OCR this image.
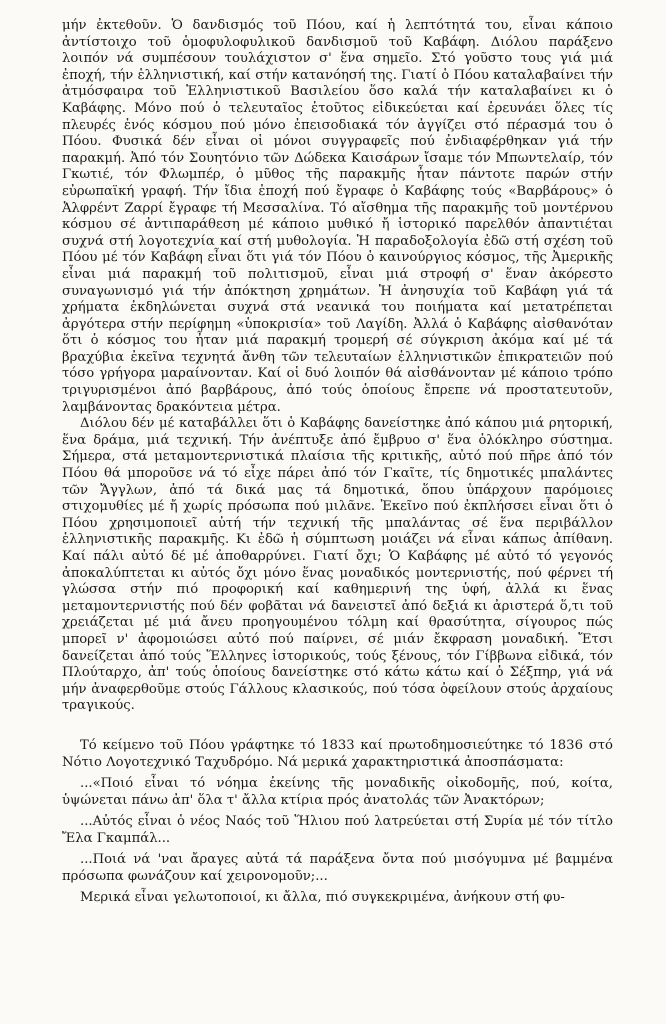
μήν ἐκτεθοῦν. Ὁ δανδισμός τοῦ Πόου, καί ἡ λεπτότητά του, εἶναι κάποιο ἀντίστοιχο τοῦ ὁμοφυλοφυλικοῦ δανδισμοῦ τοῦ Καβάφη. Διόλου παράξενο λοιπόν νά συμπέσουν τουλάχιστον σ' ἕνα σημεῖο. Στό γοῦστο τους γιά μιά ἐποχή, τήν ἑλληνιστική, καί στήν κατανόησή της. Γιατί ὁ Πόου καταλαβαίνει τήν ἀτμόσφαιρα τοῦ Ἑλληνιστικοῦ Βασιλείου ὅσο καλά τήν καταλαβαίνει κι ὁ Καβάφης. Μόνο πού ὁ τελευταῖος ἐτοῦτος εἰδικεύεται καί ἐρευνάει ὅλες τίς πλευρές ἑνός κόσμου πού μόνο ἐπεισοδιακά τόν ἀγγίζει στό πέρασμά του ὁ Πόου. Φυσικά δέν εἶναι οἱ μόνοι συγγραφεῖς πού ἐνδιαφέρθηκαν γιά τήν παρακμή. Ἀπό τόν Σουητόνιο τῶν Δώδεκα Καισάρων ἴσαμε τόν Μπωντελαίρ, τόν Γκωτιέ, τόν Φλωμπέρ, ὁ μῦθος τῆς παρακμῆς ἦταν πάντοτε παρών στήν εὐρωπαϊκή γραφή. Τήν ἴδια ἐποχή πού ἔγραφε ὁ Καβάφης τούς «Βαρβάρους» ὁ Ἀλφρέντ Ζαρρί ἔγραφε τή Μεσσαλίνα. Τό αἴσθημα τῆς παρακμῆς τοῦ μοντέρνου κόσμου σέ ἀντιπαράθεση μέ κάποιο μυθικό ἤ ἱστορικό παρελθόν ἀπαντιέται συχνά στή λογοτεχνία καί στή μυθολογία. Ἡ παραδοξολογία ἐδῶ στή σχέση τοῦ Πόου μέ τόν Καβάφη εἶναι ὅτι γιά τόν Πόου ὁ καινούργιος κόσμος, τῆς Ἀμερικῆς εἶναι μιά παρακμή τοῦ πολιτισμοῦ, εἶναι μιά στροφή σ' ἕναν ἀκόρεστο συναγωνισμό γιά τήν ἀπόκτηση χρημάτων. Ἡ ἀνησυχία τοῦ Καβάφη γιά τά χρήματα ἐκδηλώνεται συχνά στά νεανικά του ποιήματα καί μετατρέπεται ἀργότερα στήν περίφημη «ὑποκρισία» τοῦ Λαγίδη. Ἀλλά ὁ Καβάφης αἰσθανόταν ὅτι ὁ κόσμος του ἦταν μιά παρακμή τρομερή σέ σύγκριση ἀκόμα καί μέ τά βραχύβια ἐκεῖνα τεχνητά ἄνθη τῶν τελευταίων ἑλληνιστικῶν ἐπικρατειῶν πού τόσο γρήγορα μαραίνονταν. Καί οἱ δυό λοιπόν θά αἰσθάνονταν μέ κάποιο τρόπο τριγυρισμένοι ἀπό βαρβάρους, ἀπό τούς ὁποίους ἔπρεπε νά προστατευτοῦν, λαμβάνοντας δρακόντεια μέτρα.

Διόλου δέν μέ καταβάλλει ὅτι ὁ Καβάφης δανείστηκε ἀπό κάπου μιά ρητορική, ἕνα δράμα, μιά τεχνική. Τήν ἀνέπτυξε ἀπό ἔμβρυο σ' ἕνα ὁλόκληρο σύστημα. Σήμερα, στά μεταμοντερνιστικά πλαίσια τῆς κριτικῆς, αὐτό πού πῆρε ἀπό τόν Πόου θά μποροῦσε νά τό εἶχε πάρει ἀπό τόν Γκαῖτε, τίς δημοτικές μπαλάντες τῶν Ἄγγλων, ἀπό τά δικά μας τά δημοτικά, ὅπου ὑπάρχουν παρόμοιες στιχομυθίες μέ ἤ χωρίς πρόσωπα πού μιλᾶνε. Ἐκεῖνο πού ἐκπλήσσει εἶναι ὅτι ὁ Πόου χρησιμοποιεῖ αὐτή τήν τεχνική τῆς μπαλάντας σέ ἕνα περιβάλλον ἑλληνιστικῆς παρακμῆς. Κι ἐδῶ ἡ σύμπτωση μοιάζει νά εἶναι κάπως ἀπίθανη. Καί πάλι αὐτό δέ μέ ἀποθαρρύνει. Γιατί ὄχι; Ὁ Καβάφης μέ αὐτό τό γεγονός ἀποκαλύπτεται κι αὐτός ὄχι μόνο ἕνας μοναδικός μοντερνιστής, πού φέρνει τή γλώσσα στήν πιό προφορική καί καθημερινή της ὑφή, ἀλλά κι ἕνας μεταμοντερνιστής πού δέν φοβᾶται νά δανειστεῖ ἀπό δεξιά κι ἀριστερά ὅ,τι τοῦ χρειάζεται μέ μιά ἄνευ προηγουμένου τόλμη καί θρασύτητα, σίγουρος πώς μπορεῖ ν' ἀφομοιώσει αὐτό πού παίρνει, σέ μιάν ἔκφραση μοναδική. Ἔτσι δανείζεται ἀπό τούς Ἕλληνες ἱστορικούς, τούς ξένους, τόν Γίββωνα εἰδικά, τόν Πλούταρχο, ἀπ' τούς ὁποίους δανείστηκε στό κάτω κάτω καί ὁ Σέξπηρ, γιά νά μήν ἀναφερθοῦμε στούς Γάλλους κλασικούς, πού τόσα ὀφείλουν στούς ἀρχαίους τραγικούς.

Τό κείμενο τοῦ Πόου γράφτηκε τό 1833 καί πρωτοδημοσιεύτηκε τό 1836 στό Νότιο Λογοτεχνικό Ταχυδρόμο. Νά μερικά χαρακτηριστικά ἀποσπάσματα:

...«Ποιό εἶναι τό νόημα ἐκείνης τῆς μοναδικῆς οἰκοδομῆς, πού, κοίτα, ὑψώνεται πάνω ἀπ' ὅλα τ' ἄλλα κτίρια πρός ἀνατολάς τῶν Ἀνακτόρων;

...Αὐτός εἶναι ὁ νέος Ναός τοῦ Ἥλιου πού λατρεύεται στή Συρία μέ τόν τίτλο Ἔλα Γκαμπάλ...

...Ποιά νά 'ναι ἄραγες αὐτά τά παράξενα ὄντα πού μισόγυμνα μέ βαμμένα πρόσωπα φωνάζουν καί χειρονομοῦν;...

Μερικά εἶναι γελωτοποιοί, κι ἄλλα, πιό συγκεκριμένα, ἀνήκουν στή φυ-
